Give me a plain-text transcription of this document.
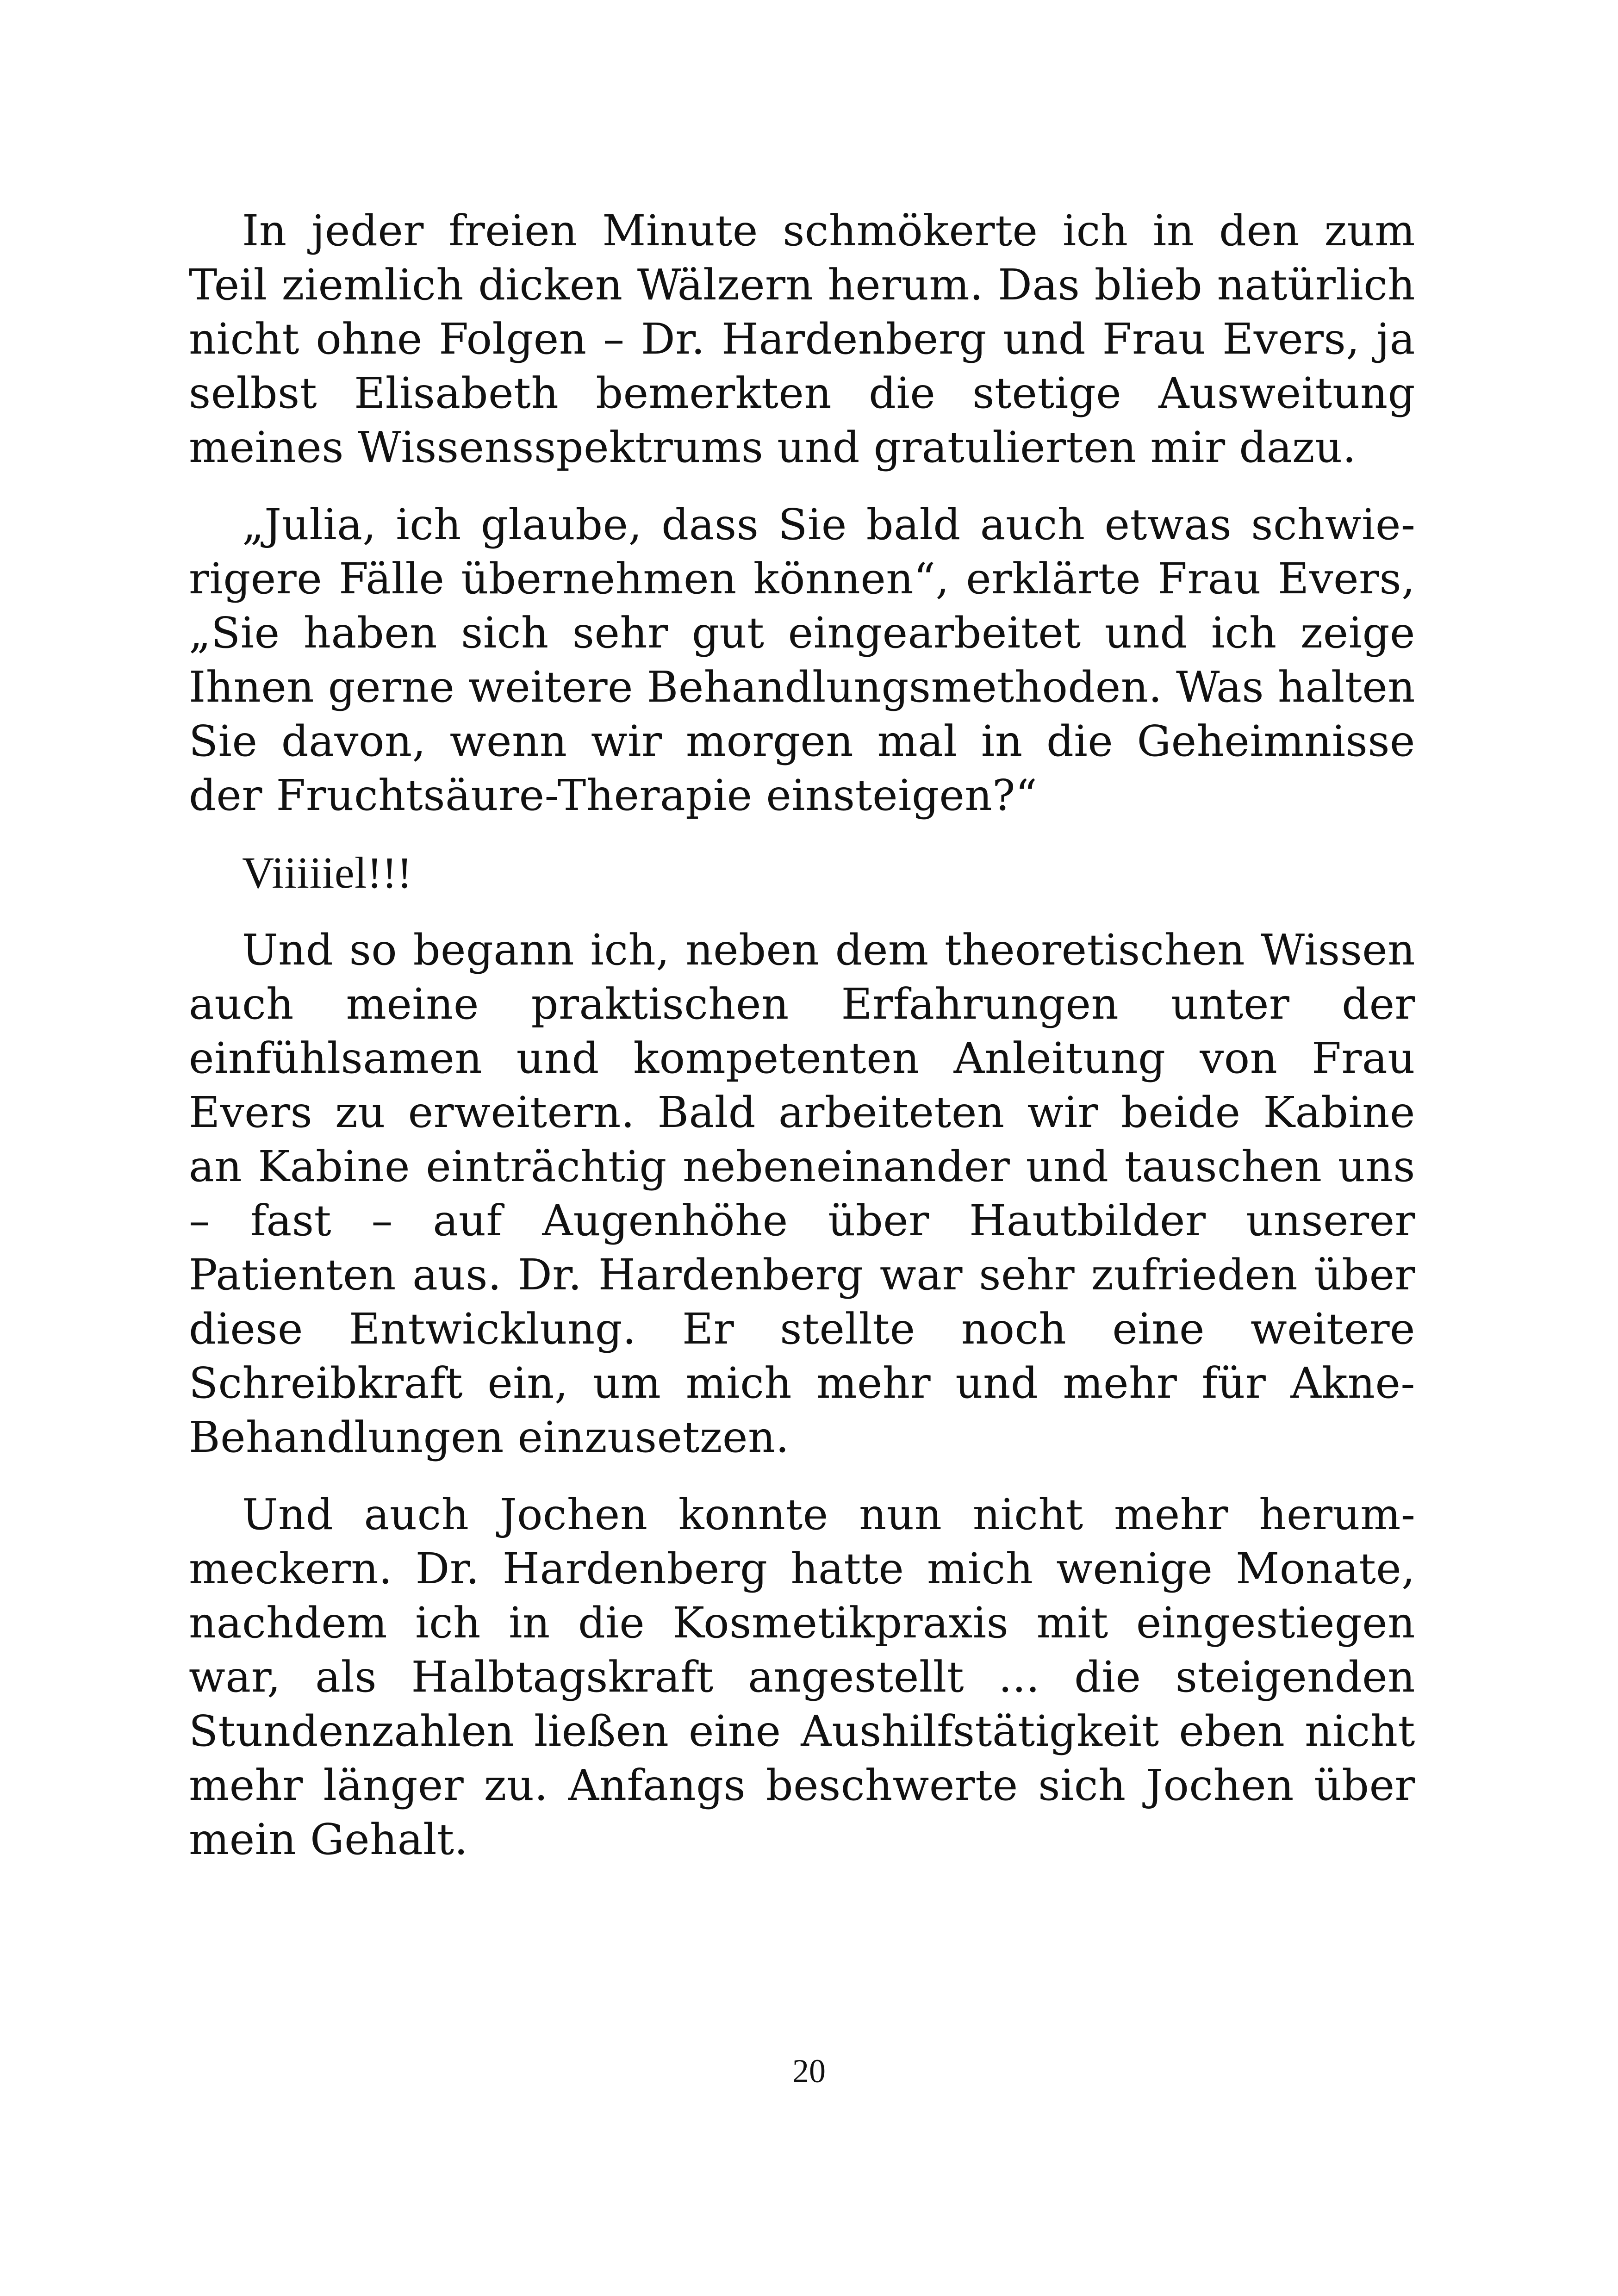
In jeder freien Minute schmökerte ich in den zum Teil ziemlich dicken Wälzern herum. Das blieb natürlich nicht ohne Folgen – Dr. Hardenberg und Frau Evers, ja selbst Elisabeth bemerkten die stetige Ausweitung meines Wissensspektrums und gratulierten mir dazu.

„Julia, ich glaube, dass Sie bald auch etwas schwierigere Fälle übernehmen können“, erklärte Frau Evers, „Sie haben sich sehr gut eingearbeitet und ich zeige Ihnen gerne weitere Behandlungsmethoden. Was halten Sie davon, wenn wir morgen mal in die Geheimnisse der Fruchtsäure-Therapie einsteigen?“

Viiiiiel!!!

Und so begann ich, neben dem theoretischen Wissen auch meine praktischen Erfahrungen unter der einfühlsamen und kompetenten Anleitung von Frau Evers zu erweitern. Bald arbeiteten wir beide Kabine an Kabine einträchtig nebeneinander und tauschen uns – fast – auf Augenhöhe über Hautbilder unserer Patienten aus. Dr. Hardenberg war sehr zufrieden über diese Entwicklung. Er stellte noch eine weitere Schreibkraft ein, um mich mehr und mehr für Akne-Behandlungen einzusetzen.

Und auch Jochen konnte nun nicht mehr herummeckern. Dr. Hardenberg hatte mich wenige Monate, nachdem ich in die Kosmetikpraxis mit eingestiegen war, als Halbtagskraft angestellt ... die steigenden Stundenzahlen ließen eine Aushilfstätigkeit eben nicht mehr länger zu. Anfangs beschwerte sich Jochen über mein Gehalt.

20
